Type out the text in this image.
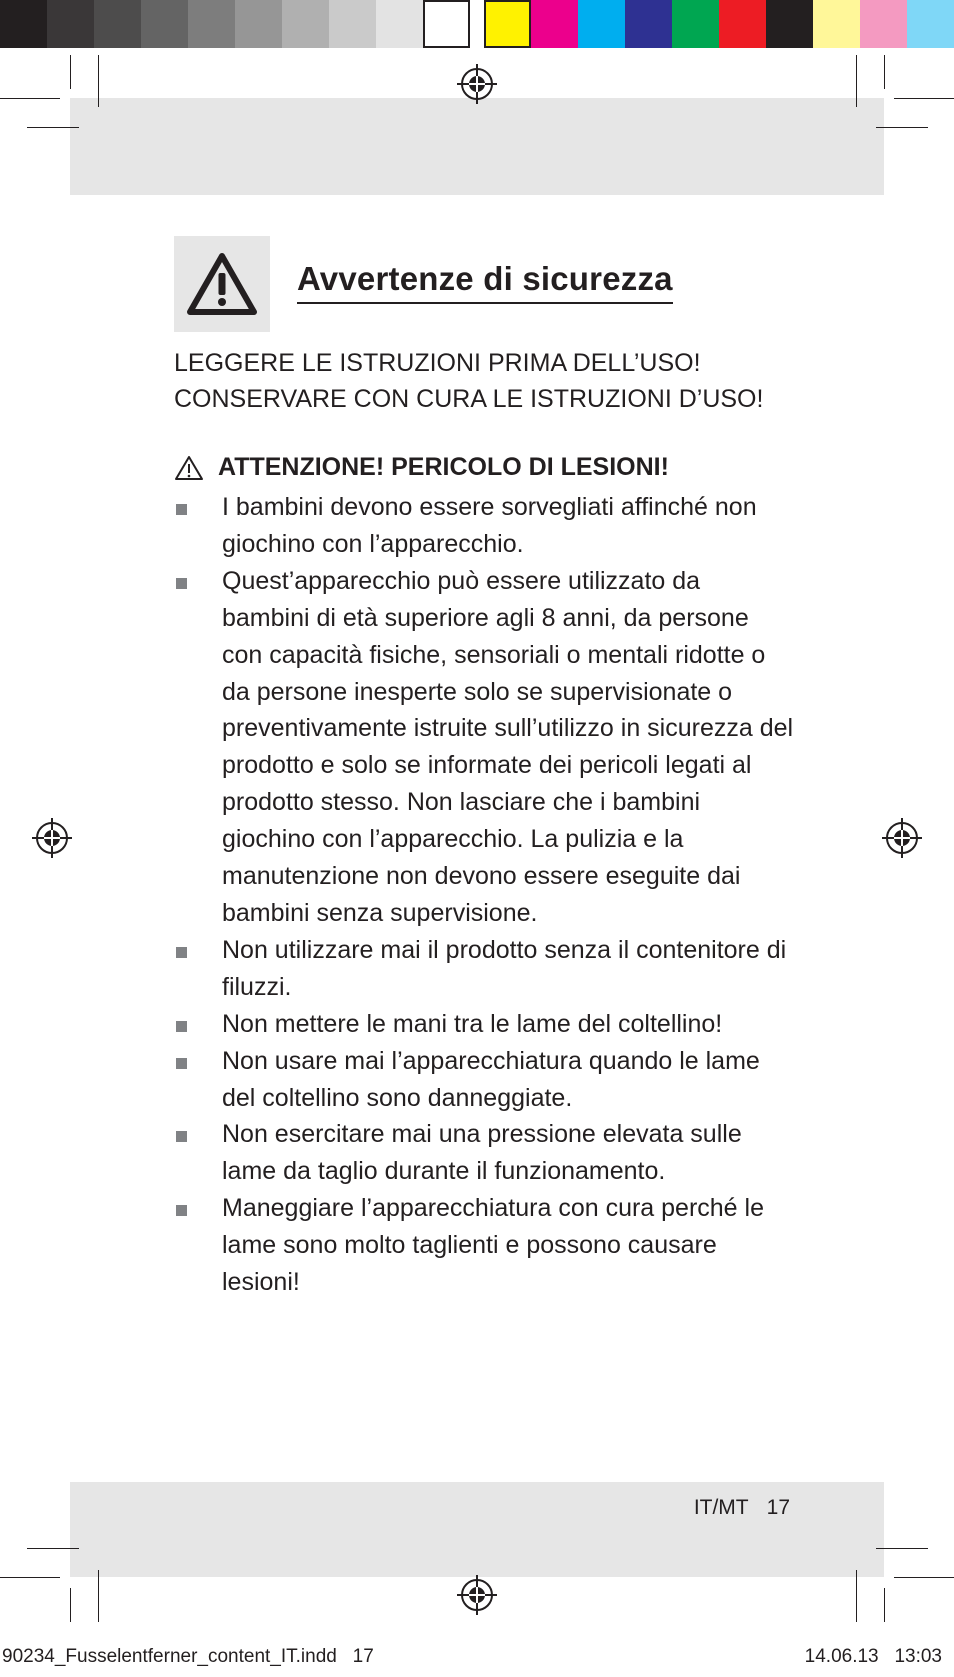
Avvertenze di sicurezza
LEGGERE LE ISTRUZIONI PRIMA DELL’USO!
CONSERVARE CON CURA LE ISTRUZIONI D’USO!
ATTENZIONE! PERICOLO DI LESIONI!
I bambini devono essere sorvegliati affinché non giochino con l’apparecchio.
Quest’apparecchio può essere utilizzato da bambini di età superiore agli 8 anni, da persone con capacità fisiche, sensoriali o mentali ridotte o da persone inesperte solo se supervisionate o preventivamente istruite sull’utilizzo in sicurezza del prodotto e solo se informate dei pericoli legati al prodotto stesso. Non lasciare che i bambini giochino con l’apparecchio. La pulizia e la manutenzione non devono essere eseguite dai bambini senza supervisione.
Non utilizzare mai il prodotto senza il contenitore di filuzzi.
Non mettere le mani tra le lame del coltellino!
Non usare mai l’apparecchiatura quando le lame del coltellino sono danneggiate.
Non esercitare mai una pressione elevata sulle lame da taglio durante il funzionamento.
Maneggiare l’apparecchiatura con cura perché le lame sono molto taglienti e possono causare lesioni!
IT/MT 17
90234_Fusselentferner_content_IT.indd   17	14.06.13   13:03
